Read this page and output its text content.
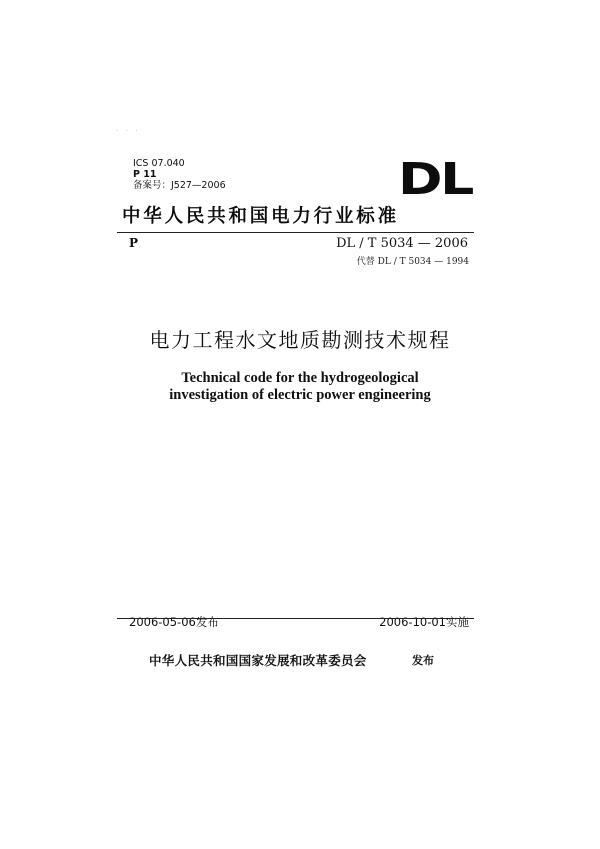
· · ·
ICS 07.040
P 11
备案号：J527—2006	DL
中华人民共和国电力行业标准
P	DL / T 5034 — 2006
代替 DL / T 5034 — 1994
电力工程水文地质勘测技术规程
Technical code for the hydrogeological
investigation of electric power engineering
2006-05-06发布	2006-10-01实施
中华人民共和国国家发展和改革委员会	发布
